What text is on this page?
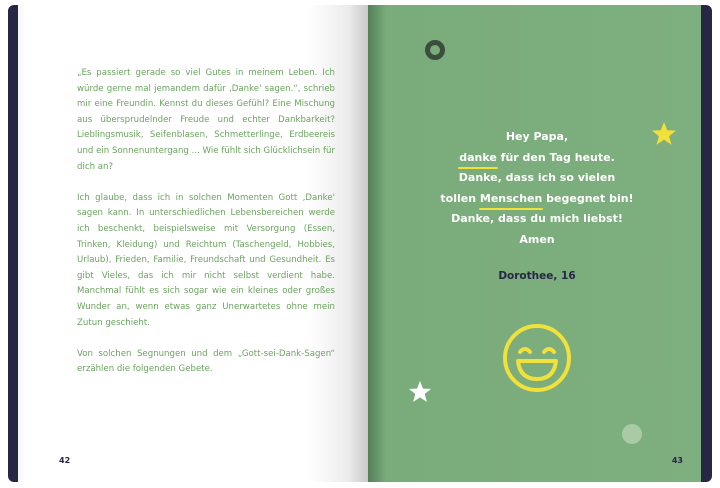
„Es passiert gerade so viel Gutes in meinem Leben. Ich würde gerne mal jemandem dafür ‚Danke' sagen.“, schrieb mir eine Freundin. Kennst du dieses Gefühl? Eine Mischung aus übersprudelnder Freude und echter Dankbarkeit? Lieblingsmusik, Seifenblasen, Schmetterlinge, Erdbeereis und ein Sonnenuntergang ... Wie fühlt sich Glücklichsein für dich an?

Ich glaube, dass ich in solchen Momenten Gott ‚Danke' sagen kann. In unterschiedlichen Lebensbereichen werde ich beschenkt, beispielsweise mit Versorgung (Essen, Trinken, Kleidung) und Reichtum (Taschengeld, Hobbies, Urlaub), Frieden, Familie, Freundschaft und Gesundheit. Es gibt Vieles, das ich mir nicht selbst verdient habe. Manchmal fühlt es sich sogar wie ein kleines oder großes Wunder an, wenn etwas ganz Unerwartetes ohne mein Zutun geschieht.

Von solchen Segnungen und dem „Gott-sei-Dank-Sagen“ erzählen die folgenden Gebete.

42
Hey Papa,
danke für den Tag heute.
Danke, dass ich so vielen
tollen Menschen begegnet bin!
Danke, dass du mich liebst!
Amen
Dorothee, 16
43
